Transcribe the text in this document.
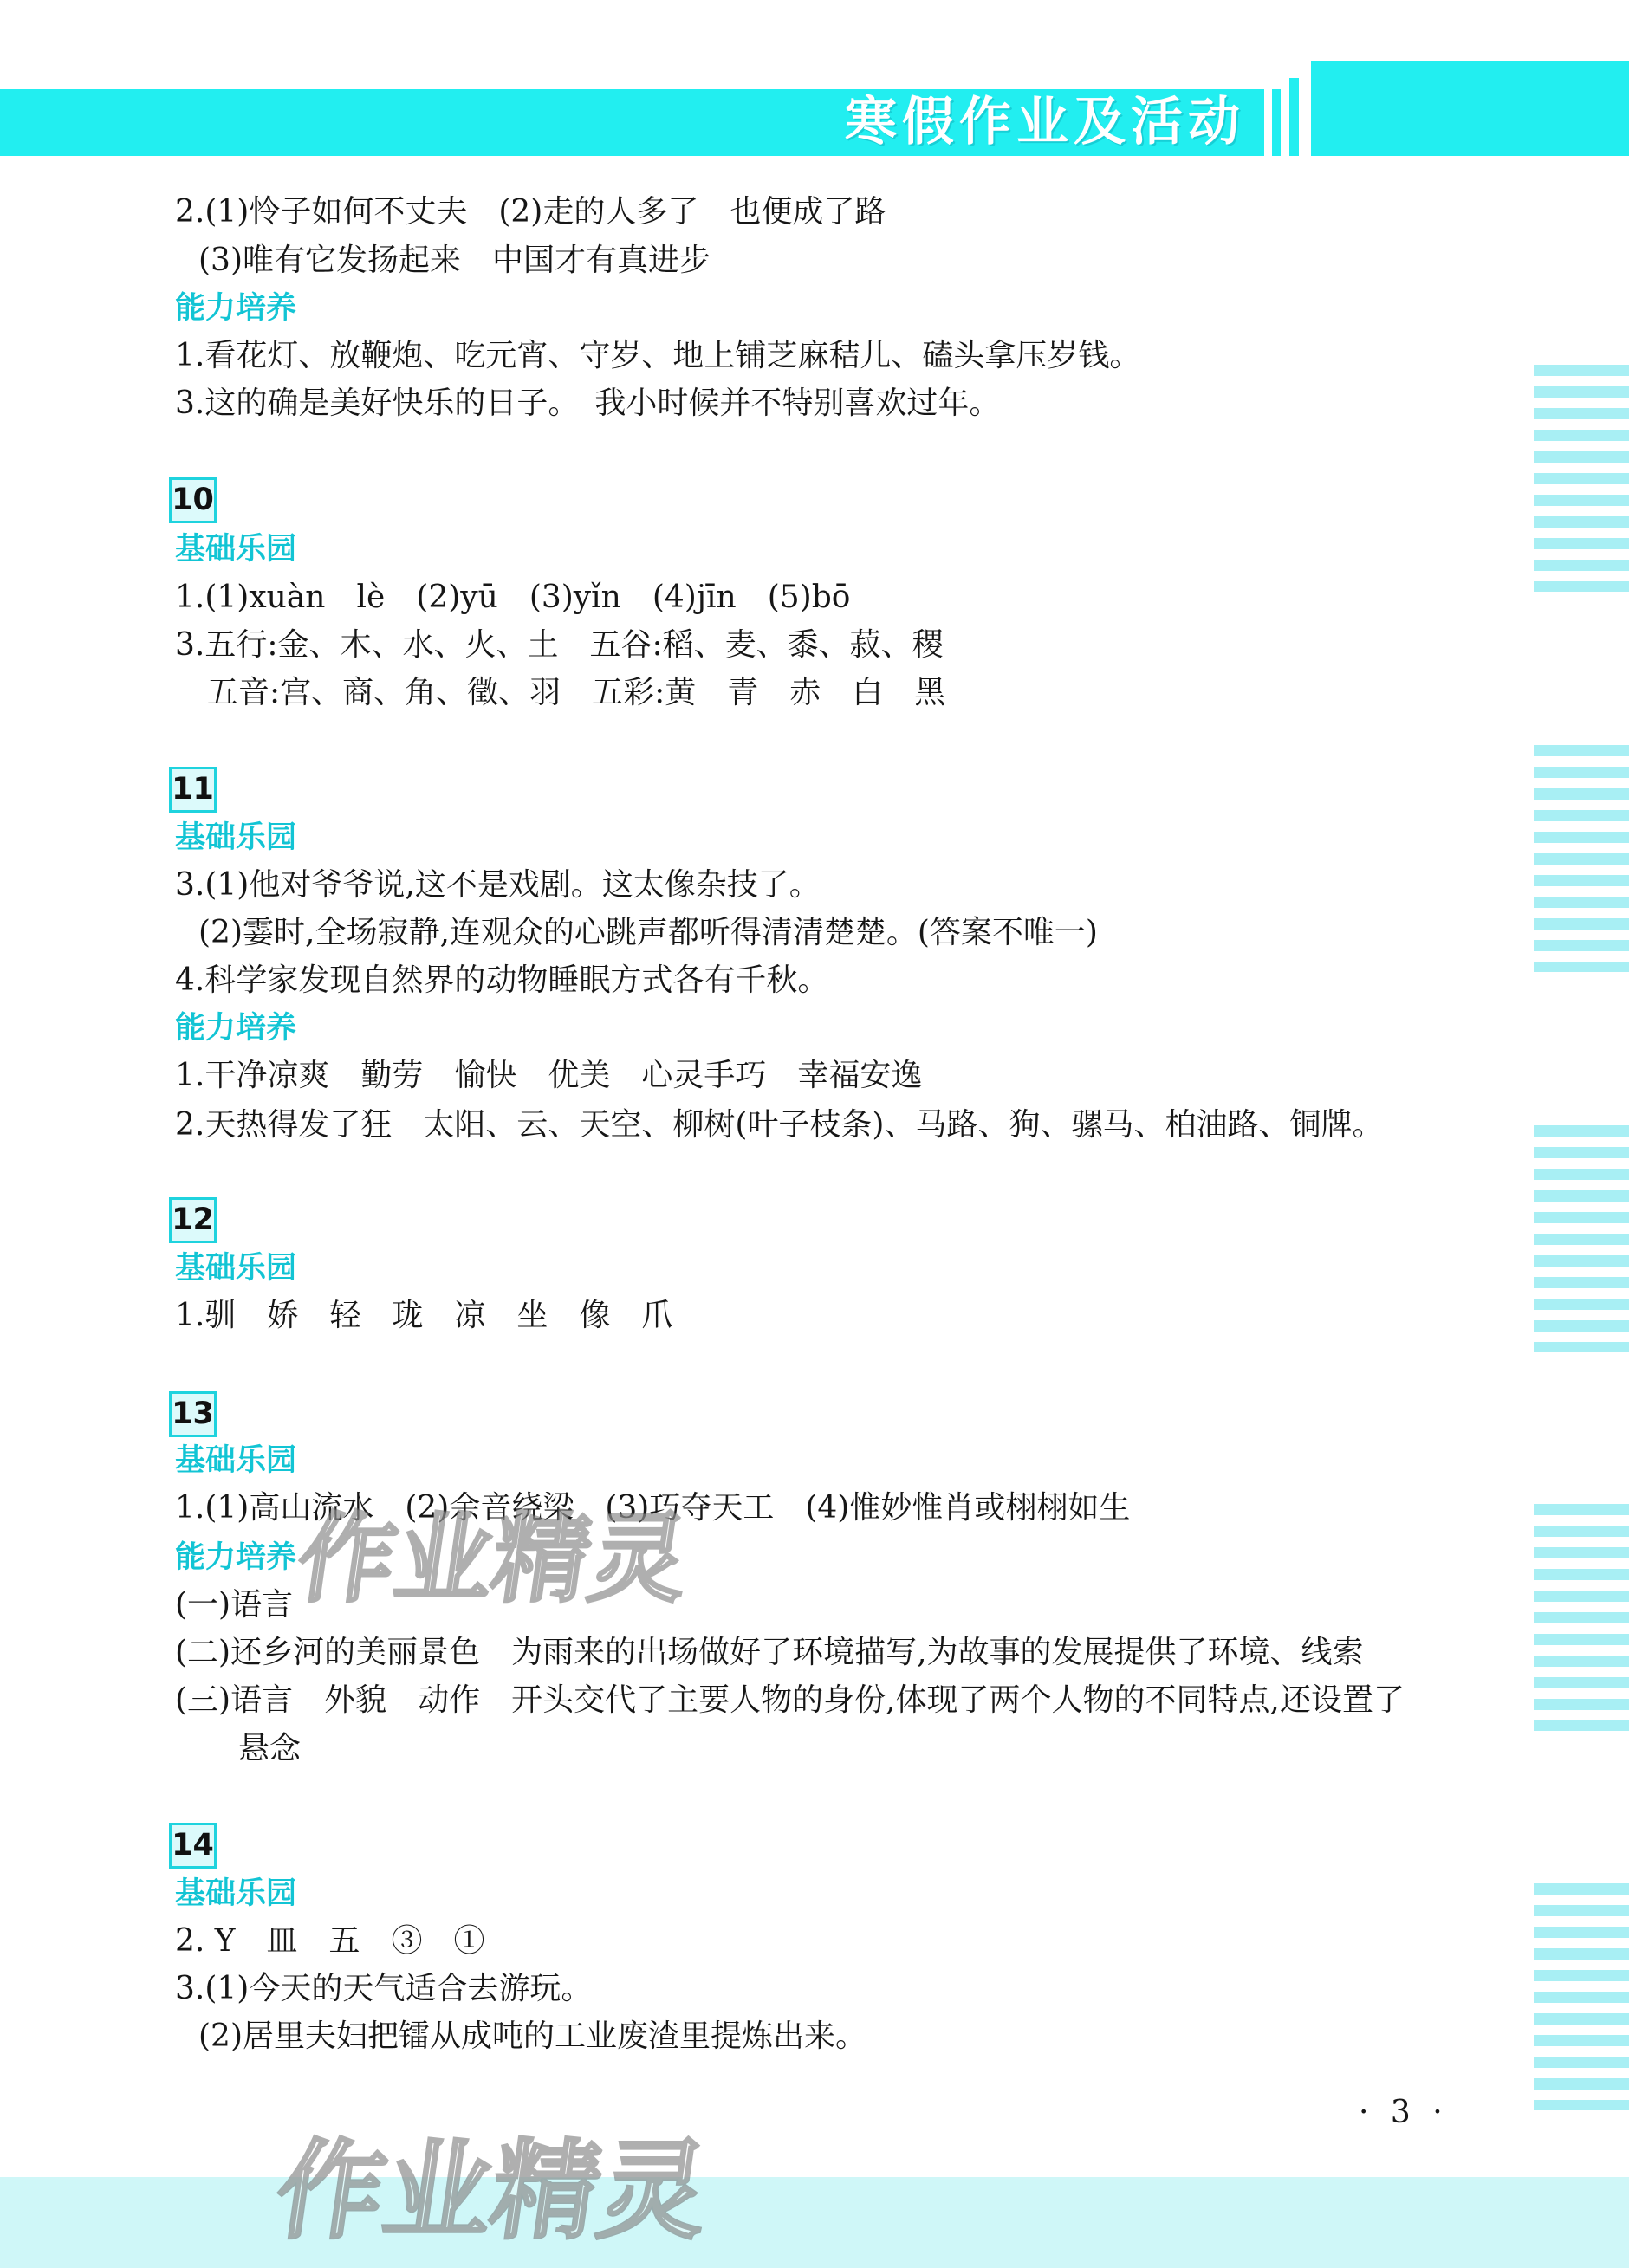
寒假作业及活动
2.(1)怜子如何不丈夫　(2)走的人多了　也便成了路
(3)唯有它发扬起来　中国才有真进步
能力培养
1.看花灯、放鞭炮、吃元宵、守岁、地上铺芝麻秸儿、磕头拿压岁钱。
3.这的确是美好快乐的日子。　我小时候并不特别喜欢过年。
10
基础乐园
1.(1)xuàn　lè　(2)yū　(3)yǐn　(4)jīn　(5)bō
3.五行:金、木、水、火、土　五谷:稻、麦、黍、菽、稷
五音:宫、商、角、徵、羽　五彩:黄　青　赤　白　黑
11
基础乐园
3.(1)他对爷爷说,这不是戏剧。这太像杂技了。
(2)霎时,全场寂静,连观众的心跳声都听得清清楚楚。(答案不唯一)
4.科学家发现自然界的动物睡眠方式各有千秋。
能力培养
1.干净凉爽　勤劳　愉快　优美　心灵手巧　幸福安逸
2.天热得发了狂　太阳、云、天空、柳树(叶子枝条)、马路、狗、骡马、柏油路、铜牌。
12
基础乐园
1.驯　娇　轻　珑　凉　坐　像　爪
13
基础乐园
1.(1)高山流水　(2)余音绕梁　(3)巧夺天工　(4)惟妙惟肖或栩栩如生
能力培养
(一)语言
(二)还乡河的美丽景色　为雨来的出场做好了环境描写,为故事的发展提供了环境、线索
(三)语言　外貌　动作　开头交代了主要人物的身份,体现了两个人物的不同特点,还设置了
悬念
14
基础乐园
2. Y　皿　五　③　①
3.(1)今天的天气适合去游玩。
(2)居里夫妇把镭从成吨的工业废渣里提炼出来。
· 3 ·
作业精灵
作业精灵
